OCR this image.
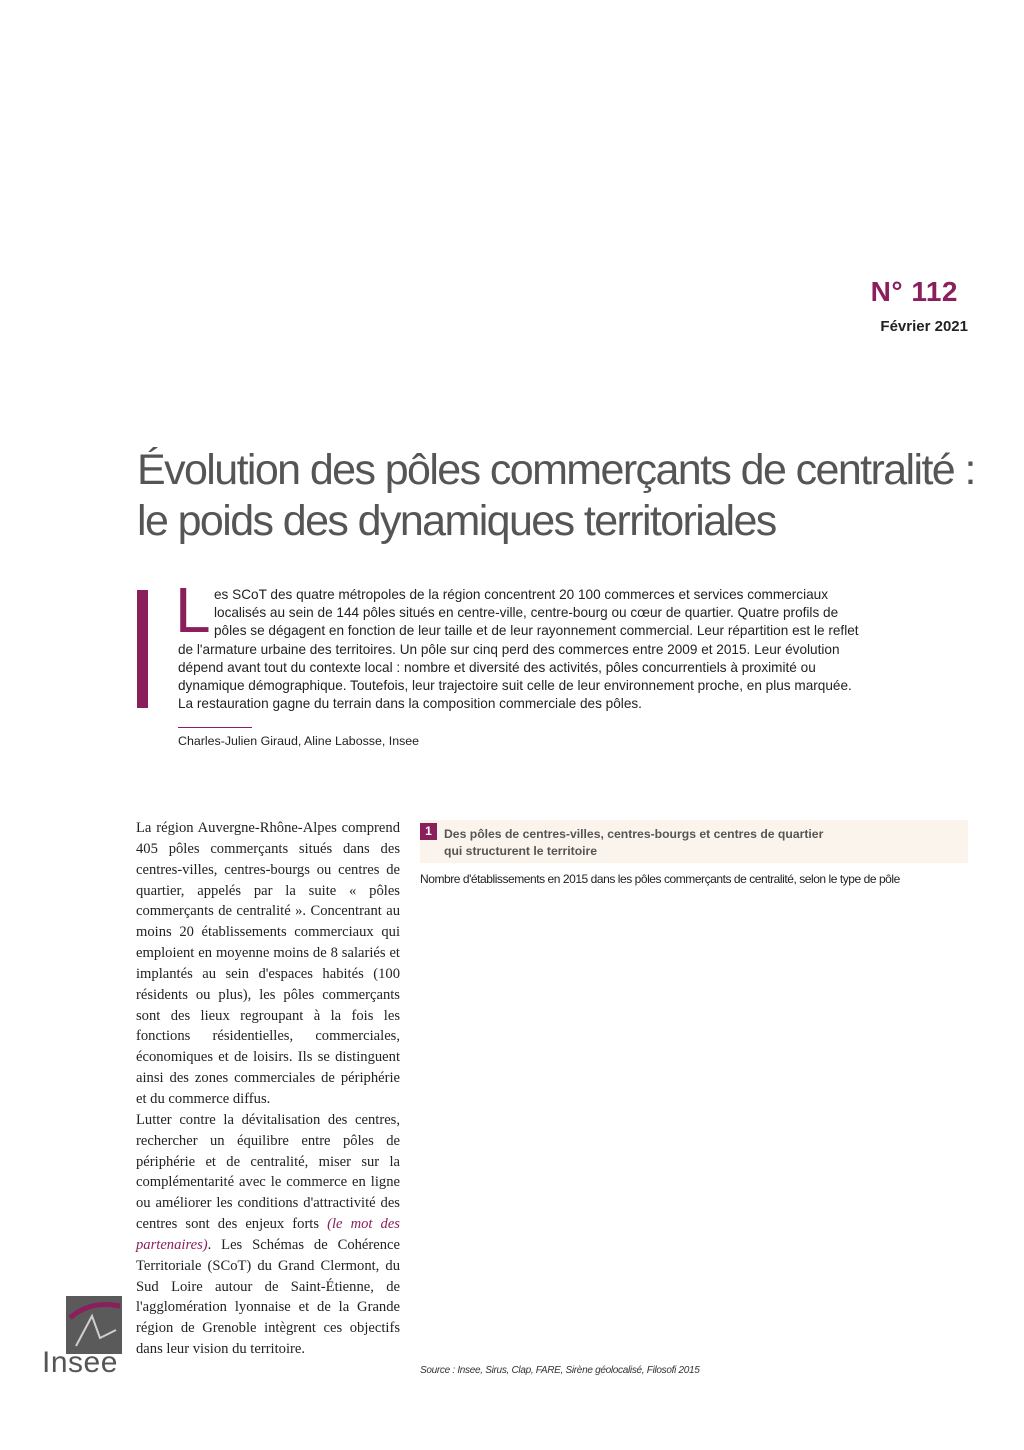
N° 112
Février 2021
Évolution des pôles commerçants de centralité :
le poids des dynamiques territoriales
L es SCoT des quatre métropoles de la région concentrent 20 100 commerces et services commerciaux
localisés au sein de 144 pôles situés en centre-ville, centre-bourg ou cœur de quartier. Quatre profils de
pôles se dégagent en fonction de leur taille et de leur rayonnement commercial. Leur répartition est le reflet
de l'armature urbaine des territoires. Un pôle sur cinq perd des commerces entre 2009 et 2015. Leur évolution
dépend avant tout du contexte local : nombre et diversité des activités, pôles concurrentiels à proximité ou
dynamique démographique. Toutefois, leur trajectoire suit celle de leur environnement proche, en plus marquée.
La restauration gagne du terrain dans la composition commerciale des pôles.
Charles-Julien Giraud, Aline Labosse, Insee

La région Auvergne-Rhône-Alpes comprend 405 pôles commerçants situés dans des centres-villes, centres-bourgs ou centres de quartier, appelés par la suite « pôles commerçants de centralité ». Concentrant au moins 20 établissements commerciaux qui emploient en moyenne moins de 8 salariés et implantés au sein d'espaces habités (100 résidents ou plus), les pôles commerçants sont des lieux regroupant à la fois les fonctions résidentielles, commerciales, économiques et de loisirs. Ils se distinguent ainsi des zones commerciales de périphérie et du commerce diffus.

Lutter contre la dévitalisation des centres, rechercher un équilibre entre pôles de périphérie et de centralité, miser sur la complémentarité avec le commerce en ligne ou améliorer les conditions d'attractivité des centres sont des enjeux forts (le mot des partenaires). Les Schémas de Cohérence Territoriale (SCoT) du Grand Clermont, du Sud Loire autour de Saint-Étienne, de l'agglomération lyonnaise et de la Grande région de Grenoble intègrent ces objectifs dans leur vision du territoire.

1 Des pôles de centres-villes, centres-bourgs et centres de quartier
qui structurent le territoire
Nombre d'établissements en 2015 dans les pôles commerçants de centralité, selon le type de pôle
Source : Insee, Sirus, Clap, FARE, Sirène géolocalisé, Filosofi 2015
Insee
